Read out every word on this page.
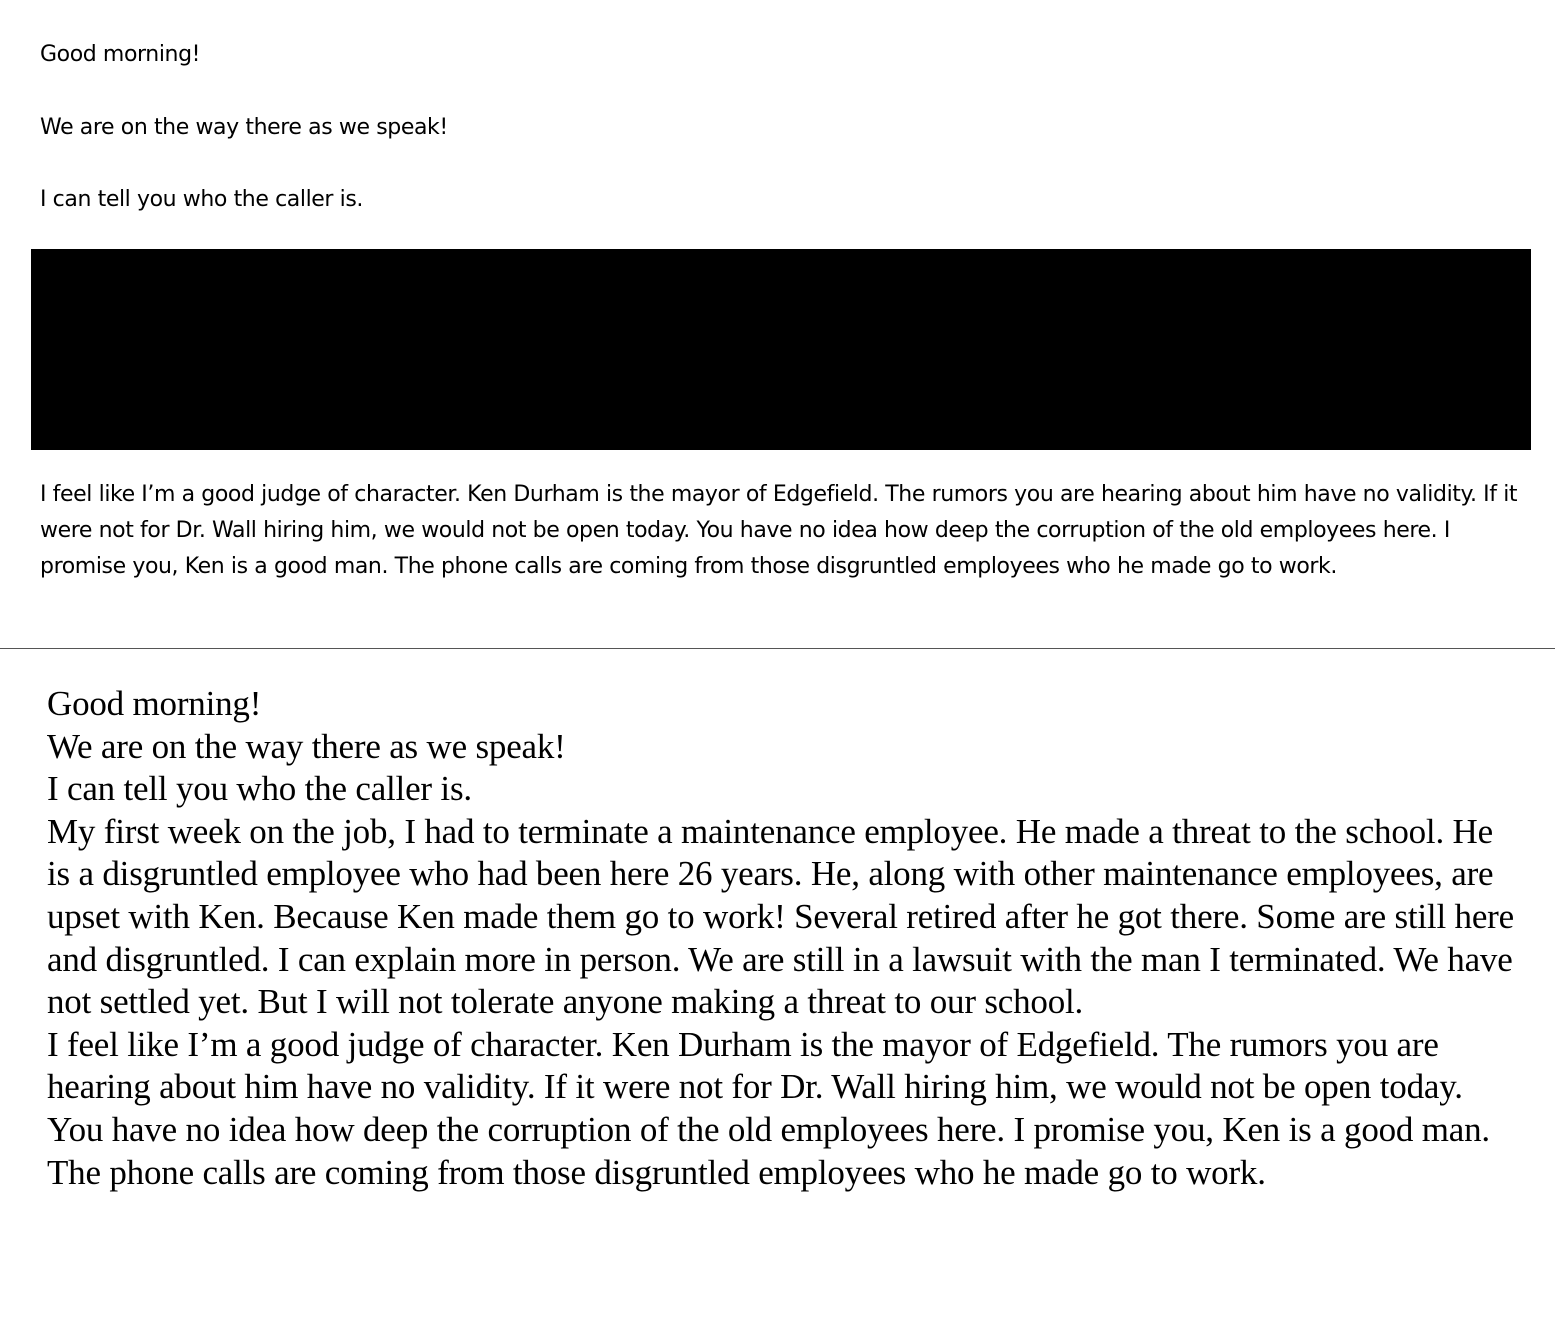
Good morning!

We are on the way there as we speak!

I can tell you who the caller is.

I feel like I’m a good judge of character. Ken Durham is the mayor of Edgefield. The rumors you are hearing about him have no validity. If it were not for Dr. Wall hiring him, we would not be open today. You have no idea how deep the corruption of the old employees here. I promise you, Ken is a good man. The phone calls are coming from those disgruntled employees who he made go to work.

Good morning!

We are on the way there as we speak!

I can tell you who the caller is.

My first week on the job, I had to terminate a maintenance employee. He made a threat to the school. He is a disgruntled employee who had been here 26 years. He, along with other maintenance employees, are upset with Ken. Because Ken made them go to work! Several retired after he got there. Some are still here and disgruntled. I can explain more in person. We are still in a lawsuit with the man I terminated. We have not settled yet. But I will not tolerate anyone making a threat to our school.

I feel like I’m a good judge of character. Ken Durham is the mayor of Edgefield. The rumors you are hearing about him have no validity. If it were not for Dr. Wall hiring him, we would not be open today. You have no idea how deep the corruption of the old employees here. I promise you, Ken is a good man. The phone calls are coming from those disgruntled employees who he made go to work.
